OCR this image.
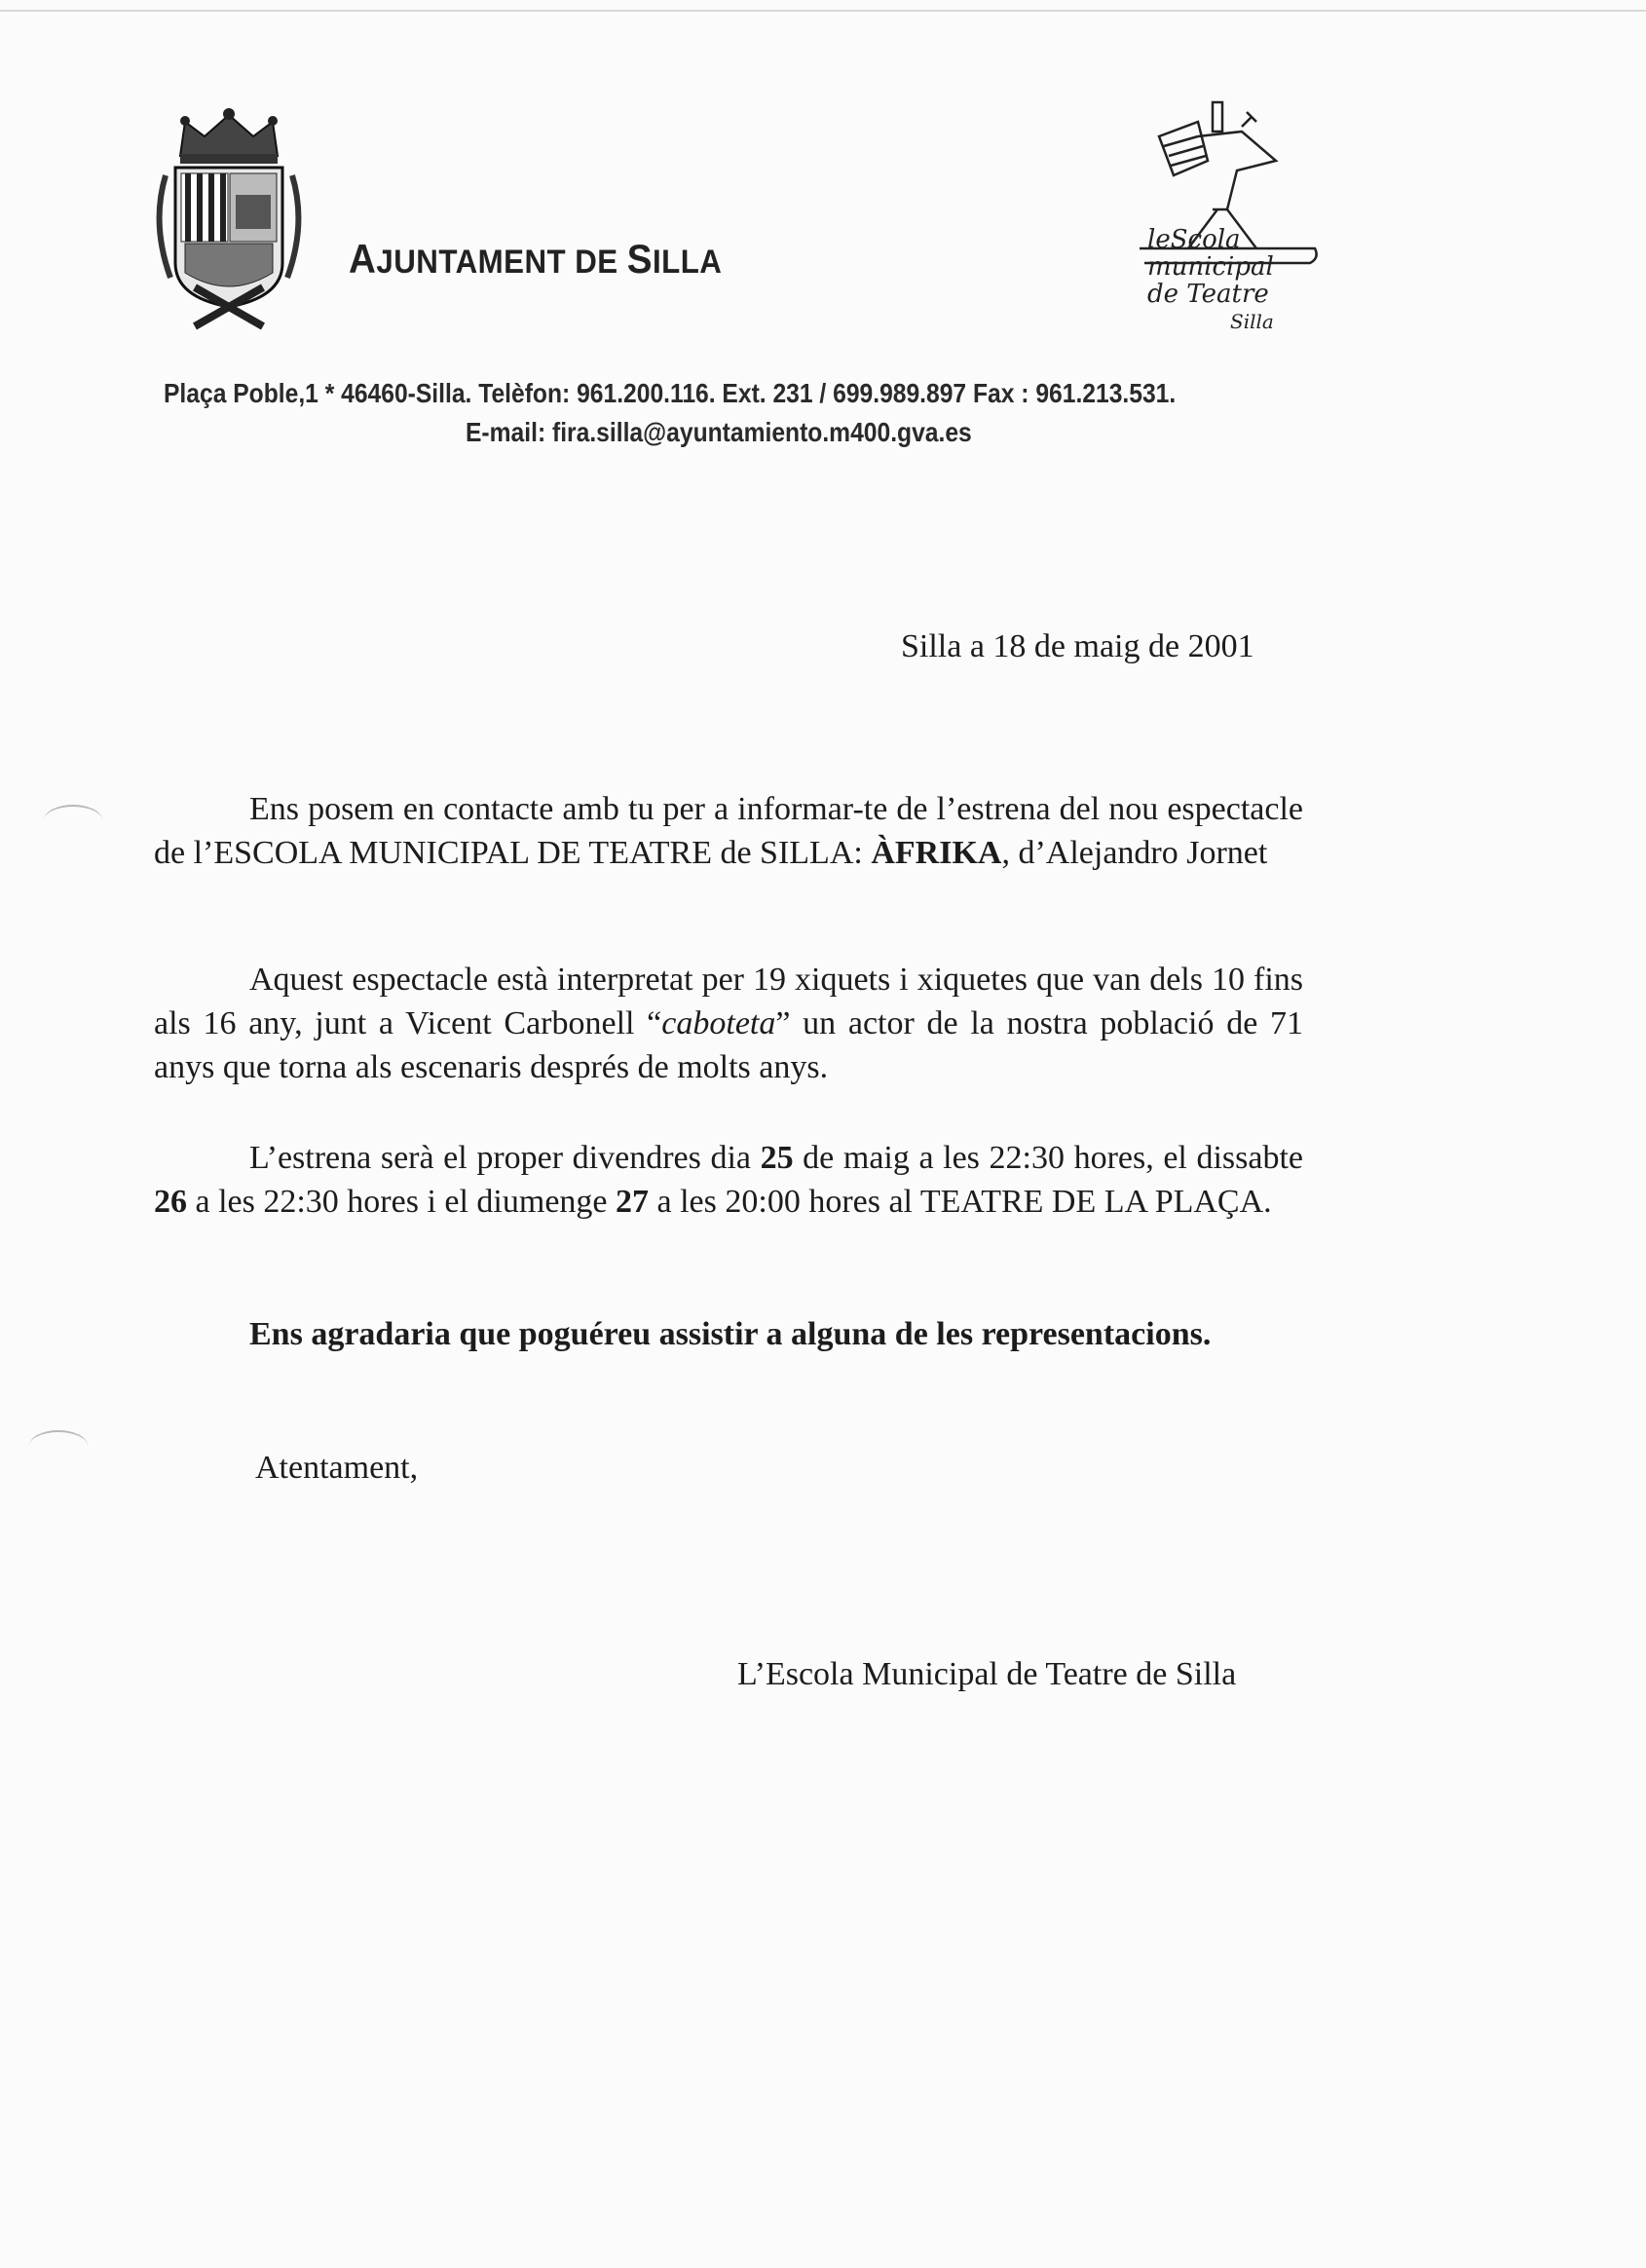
AJUNTAMENT DE SILLA
leScola
municipal
de Teatre
Silla
Plaça Poble,1 * 46460-Silla. Telèfon: 961.200.116. Ext. 231 / 699.989.897 Fax : 961.213.531.
E-mail: fira.silla@ayuntamiento.m400.gva.es
Silla a 18 de maig de 2001
Ens posem en contacte amb tu per a informar-te de l’estrena del nou espectacle de l’ESCOLA MUNICIPAL DE TEATRE de SILLA: ÀFRIKA, d’Alejandro Jornet
Aquest espectacle està interpretat per 19 xiquets i xiquetes que van dels 10 fins als 16 any, junt a Vicent Carbonell “caboteta” un actor de la nostra població de 71 anys que torna als escenaris després de molts anys.
L’estrena serà el proper divendres dia 25 de maig a les 22:30 hores, el dissabte 26 a les 22:30 hores i el diumenge 27 a les 20:00 hores al TEATRE DE LA PLAÇA.
Ens agradaria que poguéreu assistir a alguna de les representacions.
Atentament,
L’Escola Municipal de Teatre de Silla
